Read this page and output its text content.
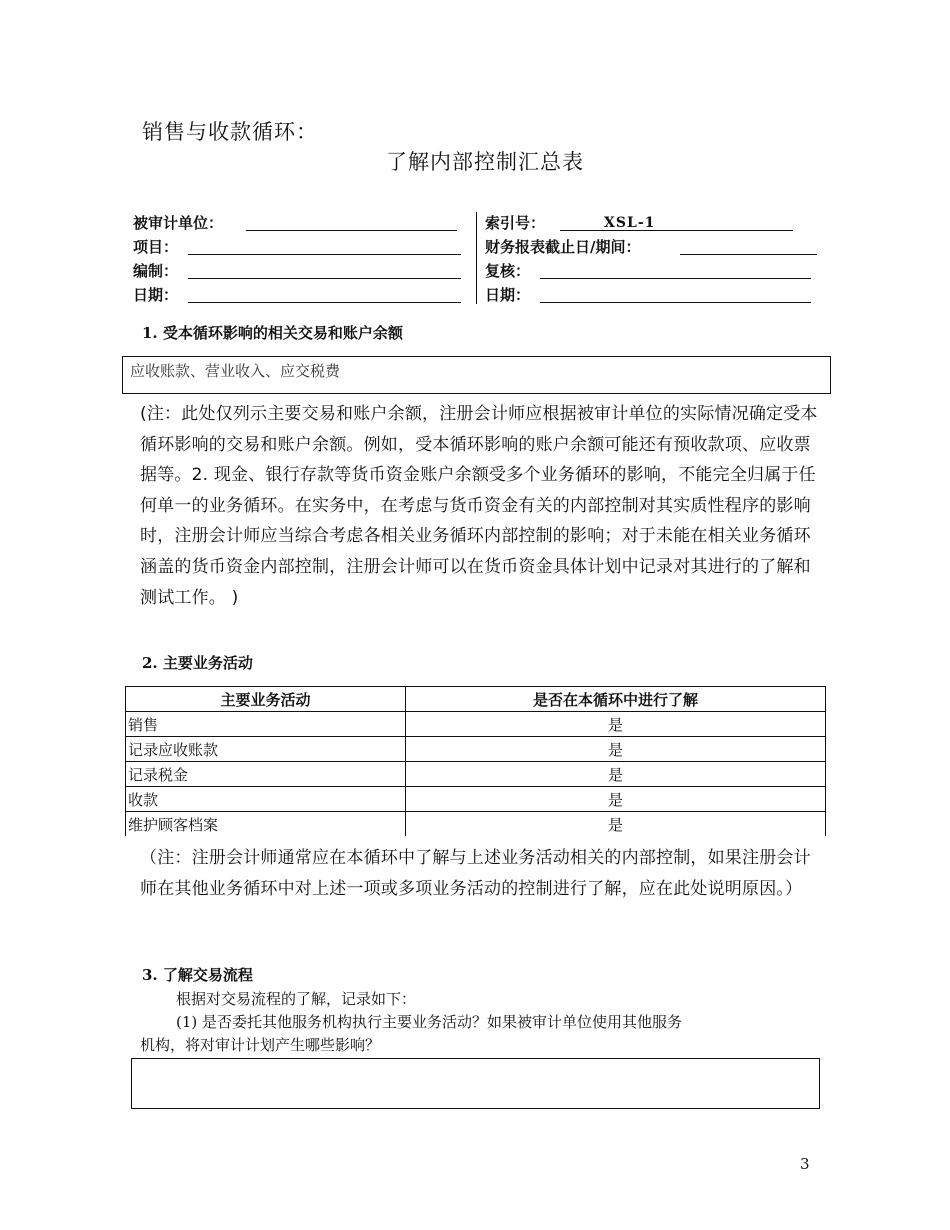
销售与收款循环：
了解内部控制汇总表
被审计单位：
项目：
编制：
日期：
索引号：	XSL-1
财务报表截止日/期间：
复核：
日期：
1. 受本循环影响的相关交易和账户余额
应收账款、营业收入、应交税费
(注：此处仅列示主要交易和账户余额，注册会计师应根据被审计单位的实际情况确定受本循环影响的交易和账户余额。例如，受本循环影响的账户余额可能还有预收款项、应收票据等。2. 现金、银行存款等货币资金账户余额受多个业务循环的影响，不能完全归属于任何单一的业务循环。在实务中，在考虑与货币资金有关的内部控制对其实质性程序的影响时，注册会计师应当综合考虑各相关业务循环内部控制的影响；对于未能在相关业务循环涵盖的货币资金内部控制，注册会计师可以在货币资金具体计划中记录对其进行的了解和测试工作。 )
2. 主要业务活动
主要业务活动	是否在本循环中进行了解
销售	是
记录应收账款	是
记录税金	是
收款	是
维护顾客档案	是
（注：注册会计师通常应在本循环中了解与上述业务活动相关的内部控制，如果注册会计师在其他业务循环中对上述一项或多项业务活动的控制进行了解，应在此处说明原因。）
3. 了解交易流程
根据对交易流程的了解，记录如下：
(1) 是否委托其他服务机构执行主要业务活动？如果被审计单位使用其他服务
机构，将对审计计划产生哪些影响？
3
